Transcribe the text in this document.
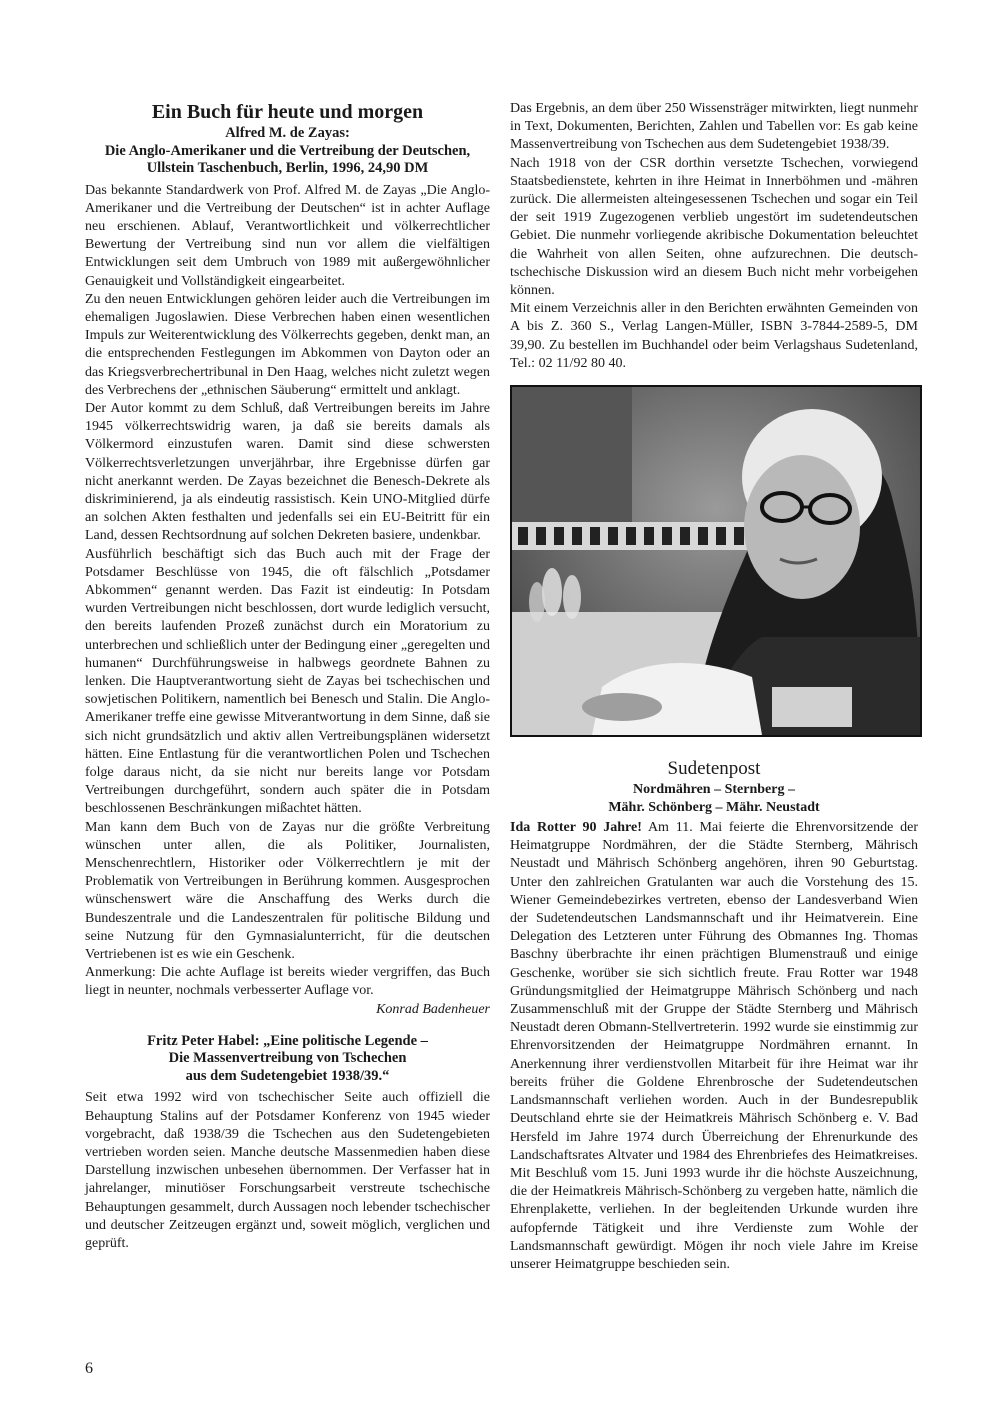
Ein Buch für heute und morgen
Alfred M. de Zayas:
Die Anglo-Amerikaner und die Vertreibung der Deutschen,
Ullstein Taschenbuch, Berlin, 1996, 24,90 DM

Das bekannte Standardwerk von Prof. Alfred M. de Zayas „Die Anglo-Amerikaner und die Vertreibung der Deutschen“ ist in achter Auflage neu erschienen. Ablauf, Verantwortlichkeit und völkerrechtlicher Bewertung der Vertreibung sind nun vor allem die vielfältigen Entwicklungen seit dem Umbruch von 1989 mit außergewöhnlicher Genauigkeit und Vollständigkeit eingearbeitet.

Zu den neuen Entwicklungen gehören leider auch die Vertreibungen im ehemaligen Jugoslawien. Diese Verbrechen haben einen wesentlichen Impuls zur Weiterentwicklung des Völkerrechts gegeben, denkt man, an die entsprechenden Festlegungen im Abkommen von Dayton oder an das Kriegsverbrechertribunal in Den Haag, welches nicht zuletzt wegen des Verbrechens der „ethnischen Säuberung“ ermittelt und anklagt.

Der Autor kommt zu dem Schluß, daß Vertreibungen bereits im Jahre 1945 völkerrechtswidrig waren, ja daß sie bereits damals als Völkermord einzustufen waren. Damit sind diese schwersten Völkerrechtsverletzungen unverjährbar, ihre Ergebnisse dürfen gar nicht anerkannt werden. De Zayas bezeichnet die Benesch-Dekrete als diskriminierend, ja als eindeutig rassistisch. Kein UNO-Mitglied dürfe an solchen Akten festhalten und jedenfalls sei ein EU-Beitritt für ein Land, dessen Rechtsordnung auf solchen Dekreten basiere, undenkbar.

Ausführlich beschäftigt sich das Buch auch mit der Frage der Potsdamer Beschlüsse von 1945, die oft fälschlich „Potsdamer Abkommen“ genannt werden. Das Fazit ist eindeutig: In Potsdam wurden Vertreibungen nicht beschlossen, dort wurde lediglich versucht, den bereits laufenden Prozeß zunächst durch ein Moratorium zu unterbrechen und schließlich unter der Bedingung einer „geregelten und humanen“ Durchführungsweise in halbwegs geordnete Bahnen zu lenken. Die Hauptverantwortung sieht de Zayas bei tschechischen und sowjetischen Politikern, namentlich bei Benesch und Stalin. Die Anglo-Amerikaner treffe eine gewisse Mitverantwortung in dem Sinne, daß sie sich nicht grundsätzlich und aktiv allen Vertreibungsplänen widersetzt hätten. Eine Entlastung für die verantwortlichen Polen und Tschechen folge daraus nicht, da sie nicht nur bereits lange vor Potsdam Vertreibungen durchgeführt, sondern auch später die in Potsdam beschlossenen Beschränkungen mißachtet hätten.

Man kann dem Buch von de Zayas nur die größte Verbreitung wünschen unter allen, die als Politiker, Journalisten, Menschenrechtlern, Historiker oder Völkerrechtlern je mit der Problematik von Vertreibungen in Berührung kommen. Ausgesprochen wünschenswert wäre die Anschaffung des Werks durch die Bundeszentrale und die Landeszentralen für politische Bildung und seine Nutzung für den Gymnasialunterricht, für die deutschen Vertriebenen ist es wie ein Geschenk.

Anmerkung: Die achte Auflage ist bereits wieder vergriffen, das Buch liegt in neunter, nochmals verbesserter Auflage vor.

Konrad Badenheuer
Fritz Peter Habel: „Eine politische Legende –
Die Massenvertreibung von Tschechen
aus dem Sudetengebiet 1938/39.“

Seit etwa 1992 wird von tschechischer Seite auch offiziell die Behauptung Stalins auf der Potsdamer Konferenz von 1945 wieder vorgebracht, daß 1938/39 die Tschechen aus den Sudetengebieten vertrieben worden seien. Manche deutsche Massenmedien haben diese Darstellung inzwischen unbesehen übernommen. Der Verfasser hat in jahrelanger, minutiöser Forschungsarbeit verstreute tschechische Behauptungen gesammelt, durch Aussagen noch lebender tschechischer und deutscher Zeitzeugen ergänzt und, soweit möglich, verglichen und geprüft.

Das Ergebnis, an dem über 250 Wissensträger mitwirkten, liegt nunmehr in Text, Dokumenten, Berichten, Zahlen und Tabellen vor: Es gab keine Massenvertreibung von Tschechen aus dem Sudetengebiet 1938/39.

Nach 1918 von der CSR dorthin versetzte Tschechen, vorwiegend Staatsbedienstete, kehrten in ihre Heimat in Innerböhmen und -mähren zurück. Die allermeisten alteingesessenen Tschechen und sogar ein Teil der seit 1919 Zugezogenen verblieb ungestört im sudetendeutschen Gebiet. Die nunmehr vorliegende akribische Dokumentation beleuchtet die Wahrheit von allen Seiten, ohne aufzurechnen. Die deutsch-tschechische Diskussion wird an diesem Buch nicht mehr vorbeigehen können.

Mit einem Verzeichnis aller in den Berichten erwähnten Gemeinden von A bis Z. 360 S., Verlag Langen-Müller, ISBN 3-7844-2589-5, DM 39,90. Zu bestellen im Buchhandel oder beim Verlagshaus Sudetenland, Tel.: 02 11/92 80 40.

Sudetenpost
Nordmähren – Sternberg –
Mähr. Schönberg – Mähr. Neustadt

Ida Rotter 90 Jahre! Am 11. Mai feierte die Ehrenvorsitzende der Heimatgruppe Nordmähren, der die Städte Sternberg, Mährisch Neustadt und Mährisch Schönberg angehören, ihren 90 Geburtstag. Unter den zahlreichen Gratulanten war auch die Vorstehung des 15. Wiener Gemeindebezirkes vertreten, ebenso der Landesverband Wien der Sudetendeutschen Landsmannschaft und ihr Heimatverein. Eine Delegation des Letzteren unter Führung des Obmannes Ing. Thomas Baschny überbrachte ihr einen prächtigen Blumenstrauß und einige Geschenke, worüber sie sich sichtlich freute. Frau Rotter war 1948 Gründungsmitglied der Heimatgruppe Mährisch Schönberg und nach Zusammenschluß mit der Gruppe der Städte Sternberg und Mährisch Neustadt deren Obmann-Stellvertreterin. 1992 wurde sie einstimmig zur Ehrenvorsitzenden der Heimatgruppe Nordmähren ernannt. In Anerkennung ihrer verdienstvollen Mitarbeit für ihre Heimat war ihr bereits früher die Goldene Ehrenbrosche der Sudetendeutschen Landsmannschaft verliehen worden. Auch in der Bundesrepublik Deutschland ehrte sie der Heimatkreis Mährisch Schönberg e. V. Bad Hersfeld im Jahre 1974 durch Überreichung der Ehrenurkunde des Landschaftsrates Altvater und 1984 des Ehrenbriefes des Heimatkreises. Mit Beschluß vom 15. Juni 1993 wurde ihr die höchste Auszeichnung, die der Heimatkreis Mährisch-Schönberg zu vergeben hatte, nämlich die Ehrenplakette, verliehen. In der begleitenden Urkunde wurden ihre aufopfernde Tätigkeit und ihre Verdienste zum Wohle der Landsmannschaft gewürdigt. Mögen ihr noch viele Jahre im Kreise unserer Heimatgruppe beschieden sein.

6
